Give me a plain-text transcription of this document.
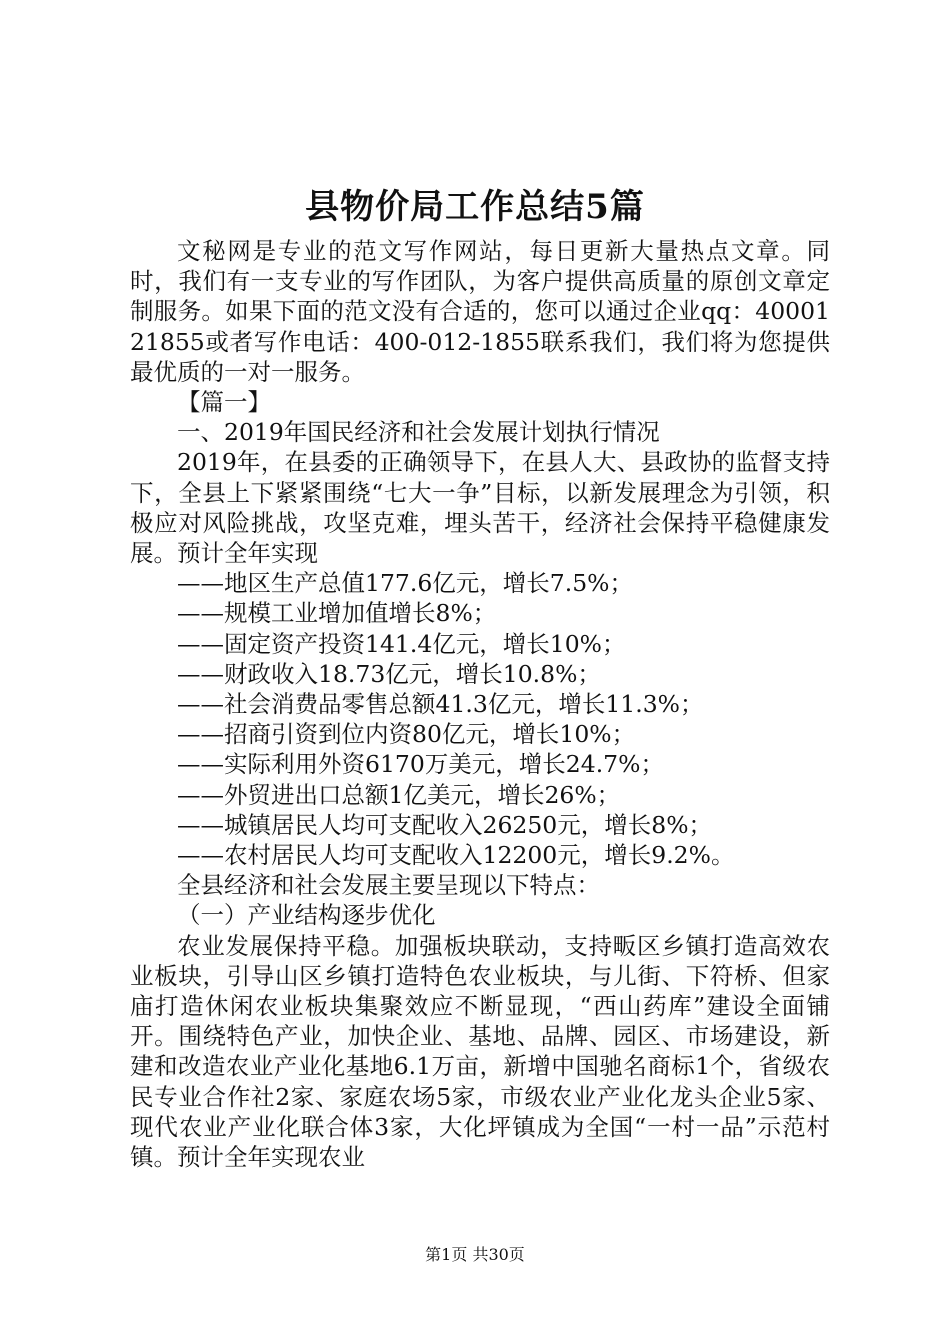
县物价局工作总结5篇

文秘网是专业的范文写作网站，每日更新大量热点文章。同时，我们有一支专业的写作团队，为客户提供高质量的原创文章定制服务。如果下面的范文没有合适的，您可以通过企业qq：4000121855或者写作电话：400-012-1855联系我们，我们将为您提供最优质的一对一服务。

【篇一】

一、2019年国民经济和社会发展计划执行情况

2019年，在县委的正确领导下，在县人大、县政协的监督支持下，全县上下紧紧围绕“七大一争”目标，以新发展理念为引领，积极应对风险挑战，攻坚克难，埋头苦干，经济社会保持平稳健康发展。预计全年实现

——地区生产总值177.6亿元，增长7.5%；

——规模工业增加值增长8%；

——固定资产投资141.4亿元，增长10%；

——财政收入18.73亿元，增长10.8%；

——社会消费品零售总额41.3亿元，增长11.3%；

——招商引资到位内资80亿元，增长10%；

——实际利用外资6170万美元，增长24.7%；

——外贸进出口总额1亿美元，增长26%；

——城镇居民人均可支配收入26250元，增长8%；

——农村居民人均可支配收入12200元，增长9.2%。

全县经济和社会发展主要呈现以下特点：

（一）产业结构逐步优化

农业发展保持平稳。加强板块联动，支持畈区乡镇打造高效农业板块，引导山区乡镇打造特色农业板块，与儿街、下符桥、但家庙打造休闲农业板块集聚效应不断显现，“西山药库”建设全面铺开。围绕特色产业，加快企业、基地、品牌、园区、市场建设，新建和改造农业产业化基地6.1万亩，新增中国驰名商标1个，省级农民专业合作社2家、家庭农场5家，市级农业产业化龙头企业5家、现代农业产业化联合体3家，大化坪镇成为全国“一村一品”示范村镇。预计全年实现农业

第1页 共30页
